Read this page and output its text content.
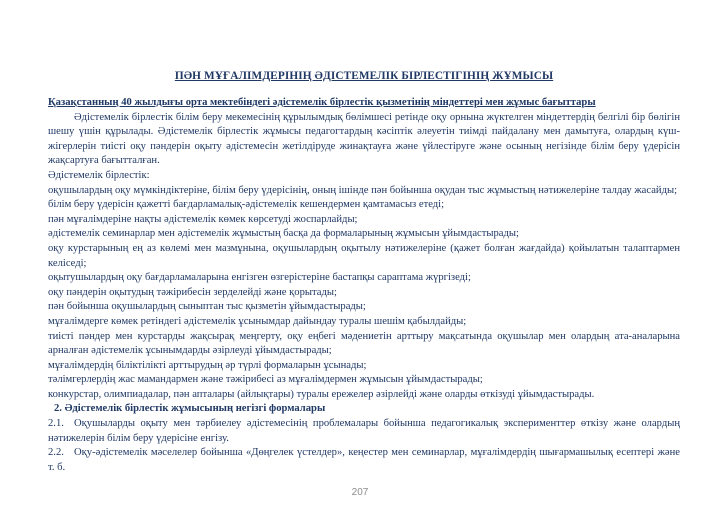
ПӘН МҰҒАЛІМДЕРІНІҢ ӘДІСТЕМЕЛІК БІРЛЕСТІГІНІҢ ЖҰМЫСЫ

Қазақстанның 40 жылдығы орта мектебіндегі әдістемелік бірлестік қызметінің міндеттері мен жұмыс бағыттары

Әдістемелік бірлестік білім беру мекемесінің құрылымдық бөлімшесі ретінде оқу орнына жүктелген міндеттердің белгілі бір бөлігін шешу үшін құрылады. Әдістемелік бірлестік жұмысы педагогтардың кәсіптік әлеуетін тиімді пайдалану мен дамытуға, олардың күш-жігерлерін тиісті оқу пәндерін оқыту әдістемесін жетілдіруде жинақтауға және үйлестіруге және осының негізінде білім беру үдерісін жақсартуға бағытталған.

Әдістемелік бірлестік:

оқушылардың оқу мүмкіндіктеріне, білім беру үдерісінің, оның ішінде пән бойынша оқудан тыс жұмыстың нәтижелеріне талдау жасайды;

білім беру үдерісін қажетті бағдарламалық-әдістемелік кешендермен қамтамасыз етеді;

пән мұғалімдеріне нақты әдістемелік көмек көрсетуді жоспарлайды;

әдістемелік семинарлар мен әдістемелік жұмыстың басқа да формаларының жұмысын ұйымдастырады;

оқу курстарының ең аз көлемі мен мазмұнына, оқушылардың оқытылу нәтижелеріне (қажет болған жағдайда) қойылатын талаптармен келіседі;

оқытушылардың оқу бағдарламаларына енгізген өзгерістеріне бастапқы сараптама жүргізеді;

оқу пәндерін оқытудың тәжірибесін зерделейді және қорытады;

пән бойынша оқушылардың сыныптан тыс қызметін ұйымдастырады;

мұғалімдерге көмек ретіндегі әдістемелік ұсынымдар дайындау туралы шешім қабылдайды;

тиісті пәндер мен курстарды жақсырақ меңгерту, оқу еңбегі мәдениетін арттыру мақсатында оқушылар мен олардың ата-аналарына арналған әдістемелік ұсынымдарды әзірлеуді ұйымдастырады;

мұғалімдердің біліктілікті арттырудың әр түрлі формаларын ұсынады;

тәлімгерлердің жас мамандармен және тәжірибесі аз мұғалімдермен жұмысын ұйымдастырады;

конкурстар, олимпиадалар, пән апталары (айлықтары) туралы ережелер әзірлейді және оларды өткізуді ұйымдастырады.

2. Әдістемелік бірлестік жұмысының негізгі формалары

2.1. Оқушыларды оқыту мен тәрбиелеу әдістемесінің проблемалары бойынша педагогикалық эксперименттер өткізу және олардың нәтижелерін білім беру үдерісіне енгізу.

2.2. Оқу-әдістемелік мәселелер бойынша «Дөңгелек үстелдер», кеңестер мен семинарлар, мұғалімдердің шығармашылық есептері және т. б.

207
